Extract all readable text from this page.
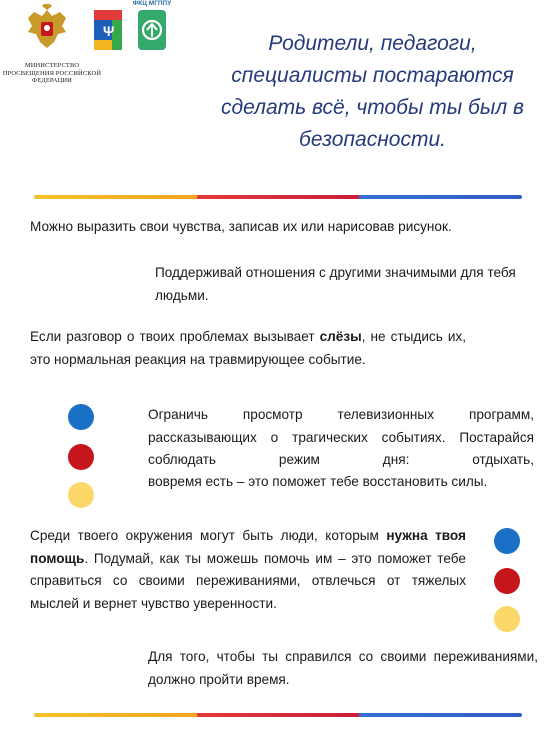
МИНИСТЕРСТВО ПРОСВЕЩЕНИЯ РОССИЙСКОЙ ФЕДЕРАЦИИ
Ψ
ФКЦ МГППУ
Родители, педагоги, специалисты постараются сделать всё, чтобы ты был в безопасности.

Можно выразить свои чувства, записав их или нарисовав рисунок.

Поддерживай отношения с другими значимыми для тебя людьми.

Если разговор о твоих проблемах вызывает слёзы, не стыдись их, это нормальная реакция на травмирующее событие.

Ограничь просмотр телевизионных программ, рассказывающих о трагических событиях. Постарайся соблюдать режим дня: отдыхать,

вовремя есть – это поможет тебе восстановить силы.

Среди твоего окружения могут быть люди, которым нужна твоя помощь. Подумай, как ты можешь помочь им – это поможет тебе справиться со своими переживаниями, отвлечься от тяжелых мыслей и вернет чувство уверенности.

Для того, чтобы ты справился со своими переживаниями, должно пройти время.
